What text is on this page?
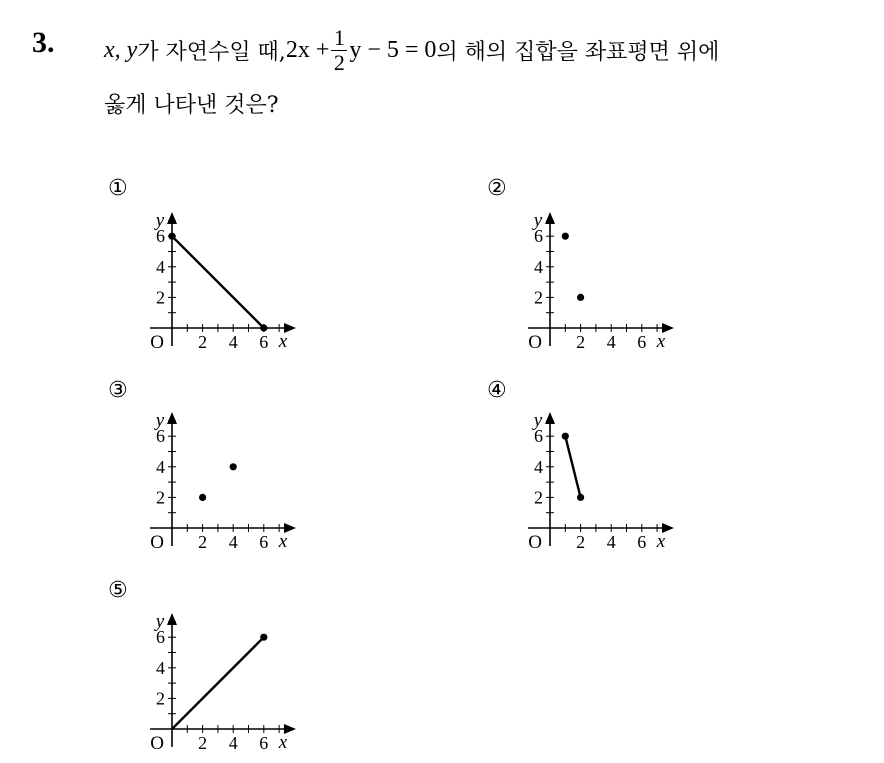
3. x, y 가 자연수일 때, $2x + \frac{1}{2}$ y − 5 = 0 의 해의 집합을 좌표평면 위에
옳게 나타낸 것은?
①
2
2
4
4
6
6
O	x
y
②
2
2
4
4
6
6
O	x
y
③
2
2
4
4
6
6
O	x
y
④
2
2
4
4
6
6
O	x
y
⑤
2
2
4
4
6
6
O	x
y
